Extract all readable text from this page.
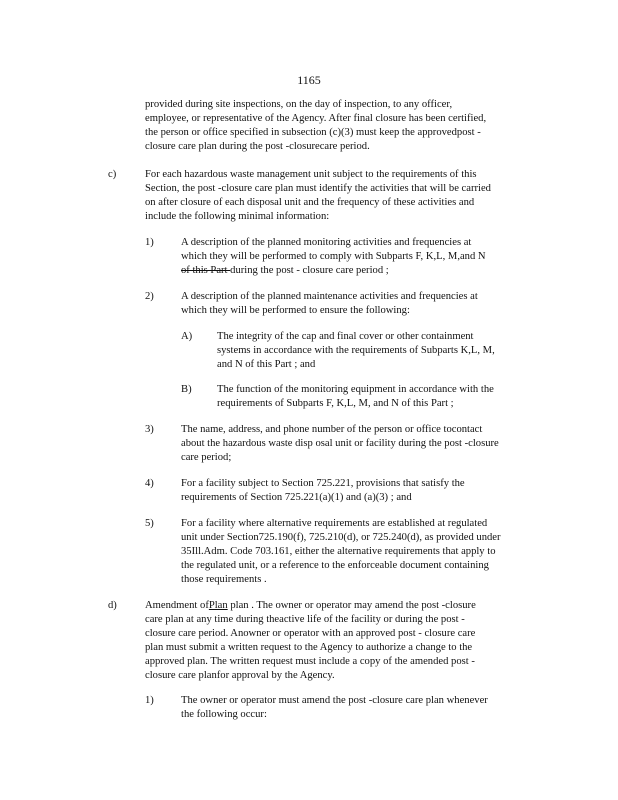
1165
provided during site inspections, on the day of inspection, to any officer,
employee, or representative of the Agency. After final closure has been certified,
the person or office specified in subsection (c)(3) must keep the approvedpost -
closure care plan during the post -closurecare period.
c)	For each hazardous waste management unit subject to the requirements of this
Section, the post -closure care plan must identify the activities that will be carried
on after closure of each disposal unit and the frequency of these activities and
include the following minimal information:
1)	A description of the planned monitoring activities and frequencies at
which they will be performed to comply with Subparts F, K,L, M,and N
of this Part during the post - closure care period ;
2)	A description of the planned maintenance activities and frequencies at
which they will be performed to ensure the following:
A) The integrity of the cap and final cover or other containment
systems in accordance with the requirements of Subparts K,L, M,
and N of this Part ; and
B) The function of the monitoring equipment in accordance with the
requirements of Subparts F, K,L, M, and N of this Part ;
3)	The name, address, and phone number of the person or office tocontact
about the hazardous waste disp osal unit or facility during the post -closure
care period;
4)	For a facility subject to Section 725.221, provisions that satisfy the
requirements of Section 725.221(a)(1) and (a)(3) ; and
5)	For a facility where alternative requirements are established at regulated
unit under Section725.190(f), 725.210(d), or 725.240(d), as provided under
35Ill.Adm. Code 703.161, either the alternative requirements that apply to
the regulated unit, or a reference to the enforceable document containing
those requirements .
d)	Amendment ofPlan plan . The owner or operator may amend the post -closure
care plan at any time during theactive life of the facility or during the post -
closure care period. Anowner or operator with an approved post - closure care
plan must submit a written request to the Agency to authorize a change to the
approved plan. The written request must include a copy of the amended post -
closure care planfor approval by the Agency.
1)	The owner or operator must amend the post -closure care plan whenever
the following occur:
